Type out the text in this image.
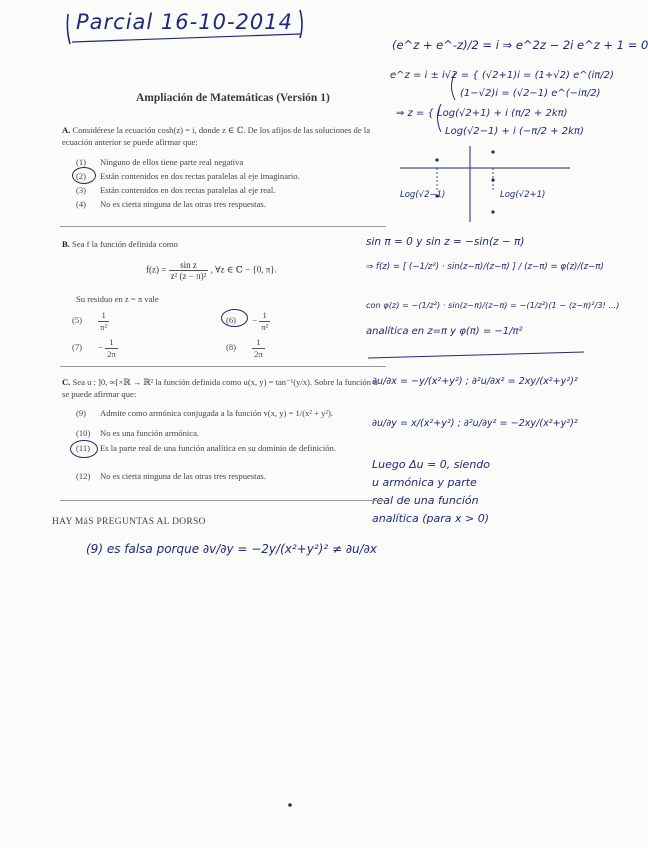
Parcial 16-10-2014
(e^z + e^-z)/2 = i ⇒ e^2z − 2i e^z + 1 = 0
e^z = i ± i√2 = { (√2+1)i = (1+√2) e^(iπ/2)
(1−√2)i = (√2−1) e^(−iπ/2)
⇒ z = { Log(√2+1) + i (π/2 + 2kπ)
Log(√2−1) + i (−π/2 + 2kπ)
Log(√2−1)	Log(√2+1)
sin π = 0 y sin z = −sin(z − π)
⇒ f(z) = [ (−1/z²) · sin(z−π)/(z−π) ] / (z−π) = φ(z)/(z−π)
con φ(z) = −(1/z²) · sin(z−π)/(z−π) = −(1/z²)(1 − (z−π)²/3! ...)
analítica en z=π y φ(π) = −1/π²
∂u/∂x = −y/(x²+y²) ; ∂²u/∂x² = 2xy/(x²+y²)²
∂u/∂y = x/(x²+y²) ; ∂²u/∂y² = −2xy/(x²+y²)²
Luego Δu = 0, siendo
u armónica y parte
real de una función
analítica (para x > 0)
(9) es falsa porque ∂v/∂y = −2y/(x²+y²)² ≠ ∂u/∂x
Ampliación de Matemáticas (Versión 1)
A. Considérese la ecuación cosh(z) = i, donde z ∈ ℂ. De los afijos de las soluciones de la ecuación anterior se puede afirmar que:
(1) Ninguno de ellos tiene parte real negativa
(2) Están contenidos en dos rectas paralelas al eje imaginario.
(3) Están contenidos en dos rectas paralelas al eje real.
(4) No es cierta ninguna de las otras tres respuestas.
B. Sea f la función definida como
$f(z) = \frac{\text{sin z}}{\text{z² (z − π)²}}$ , ∀z ∈ ℂ − {0, π}.
Su residuo en z = π vale
$(5) \frac{1}{\text{π²}}$	$(6) - \frac{1}{\text{π²}}$
$(7) - \frac{1}{2\pi}$	$(8) \frac{1}{2\pi}$
C. Sea u : ]0, ∞[×ℝ → ℝ² la función definida como u(x, y) = tan⁻¹(y/x). Sobre la función u se puede afirmar que:
(9) Admite como armónica conjugada a la función v(x, y) = 1/(x² + y²).
(10) No es una función armónica.
(11) Es la parte real de una función analítica en su dominio de definición.
(12) No es cierta ninguna de las otras tres respuestas.
HAY MáS PREGUNTAS AL DORSO
